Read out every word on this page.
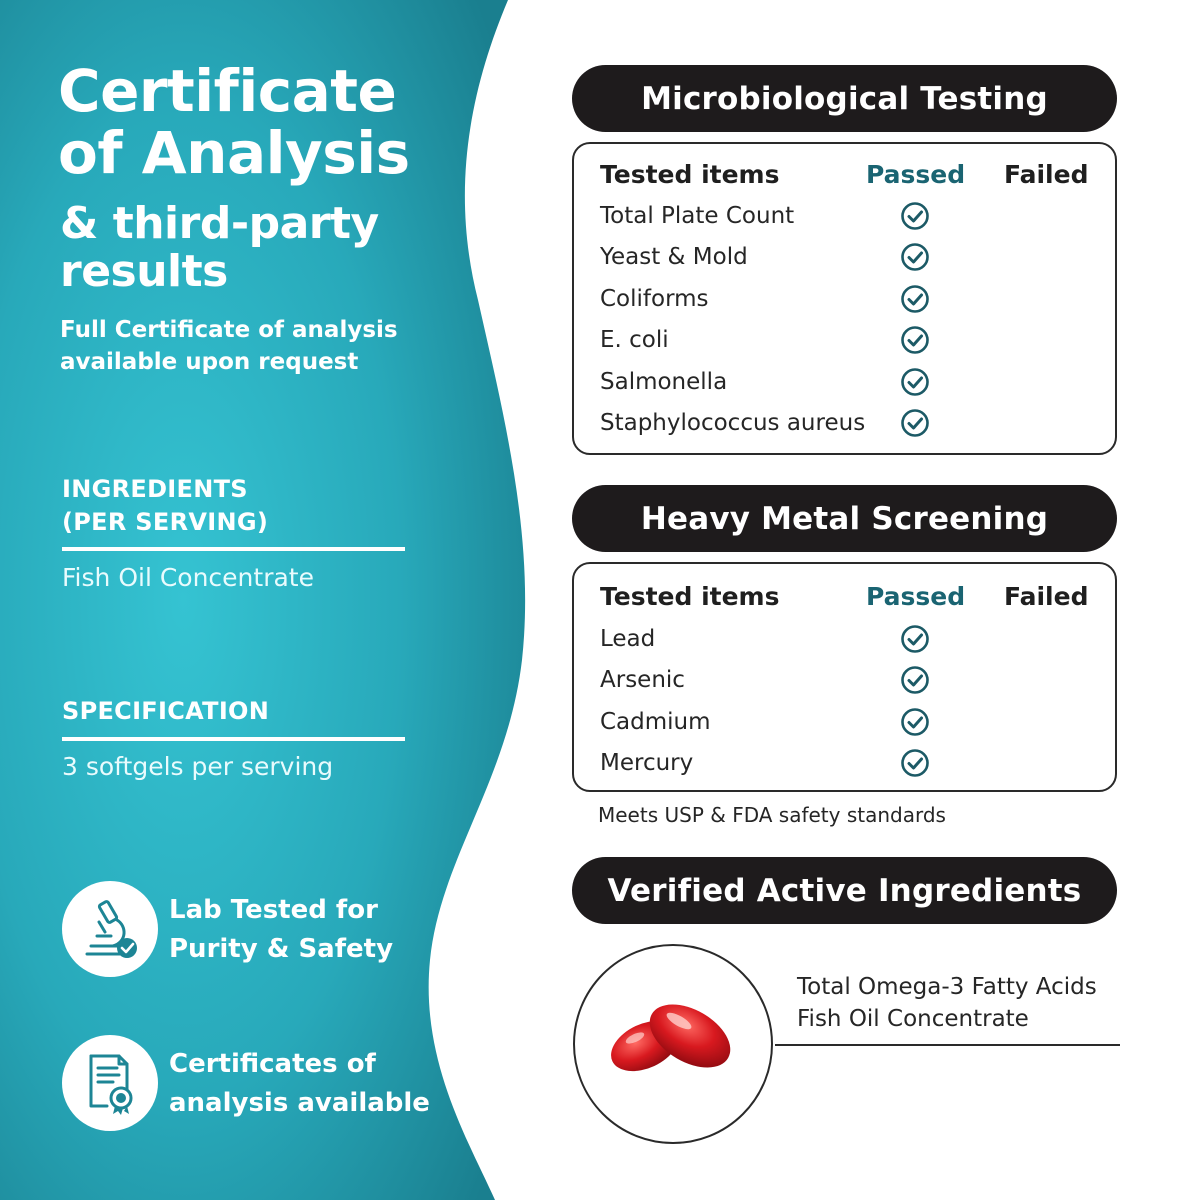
Certificate
of Analysis
& third-party
results
Full Certificate of analysis available upon request
INGREDIENTS
(PER SERVING)
Fish Oil Concentrate
SPECIFICATION
3 softgels per serving
Lab Tested for
Purity & Safety
Certificates of
analysis available
Microbiological Testing
Tested items	Passed Failed
Total Plate Count
Yeast & Mold
Coliforms
E. coli
Salmonella
Staphylococcus aureus
Heavy Metal Screening
Tested items	Passed Failed
Lead
Arsenic
Cadmium
Mercury
Meets USP & FDA safety standards
Verified Active Ingredients
Total Omega-3 Fatty Acids
Fish Oil Concentrate
